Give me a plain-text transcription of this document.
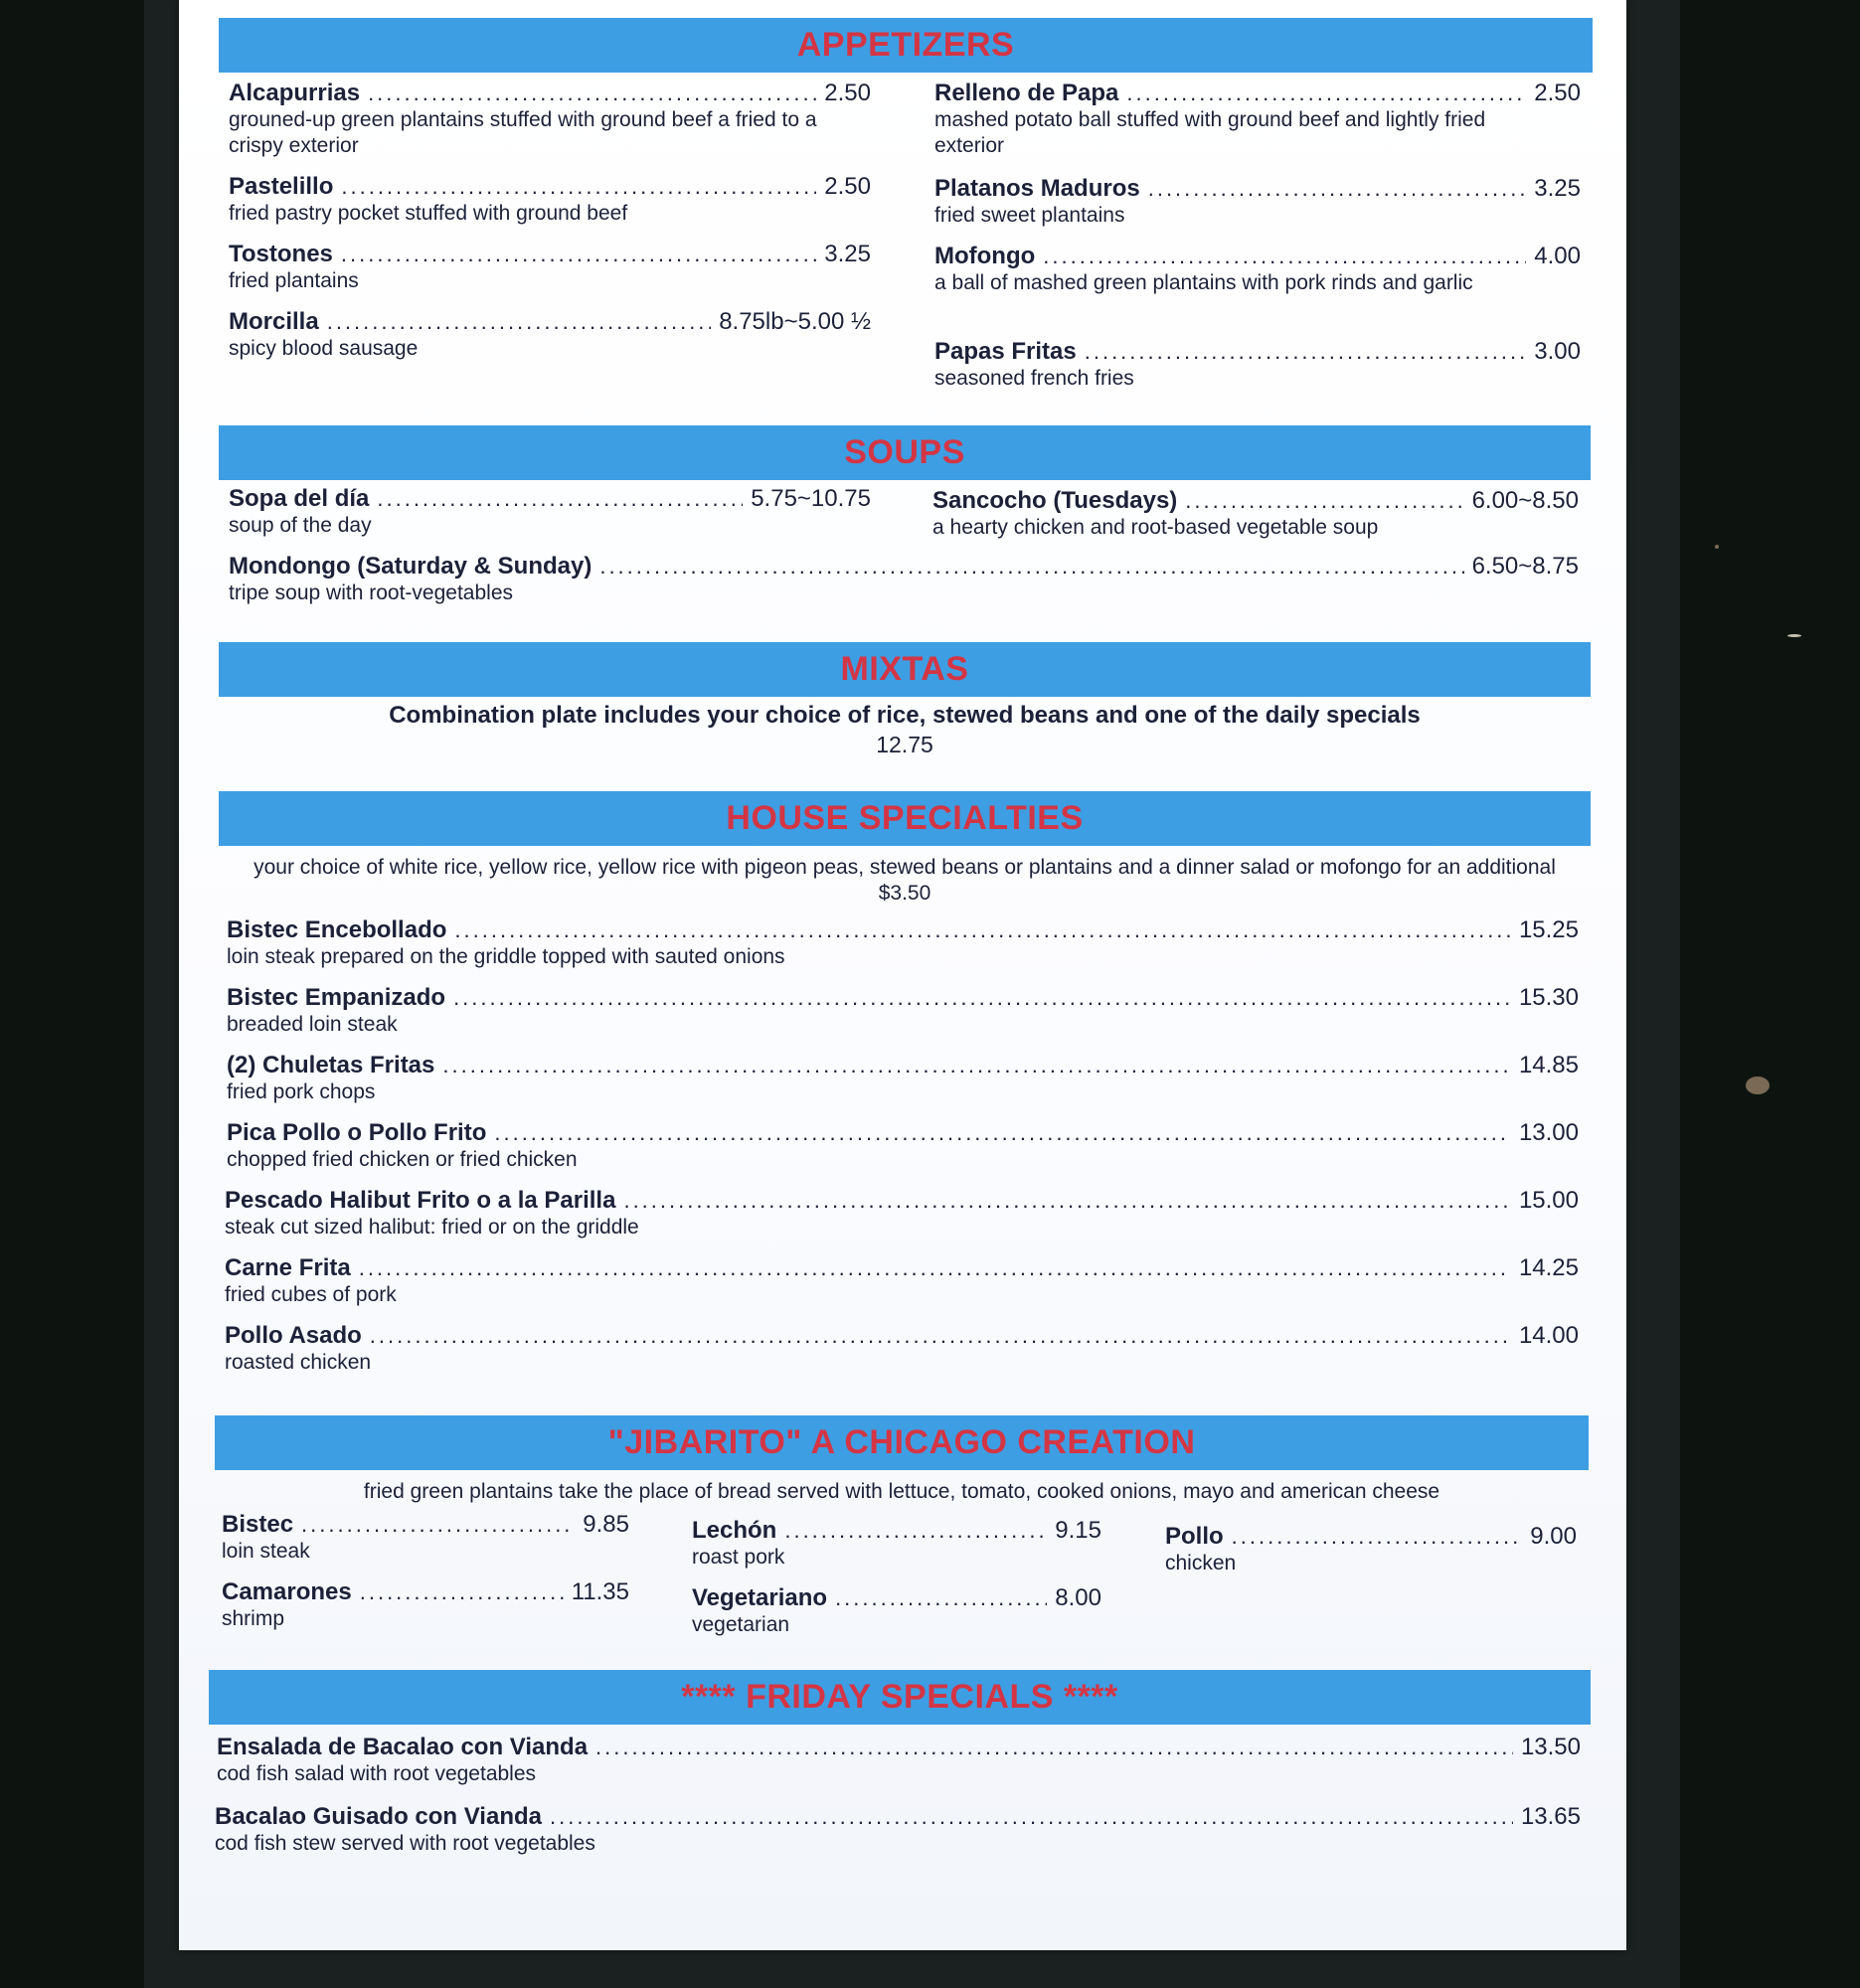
APPETIZERS
Alcapurrias .....	2.50
grouned-up green plantains stuffed with ground beef a fried to a crispy exterior
Pastelillo .....	2.50
fried pastry pocket stuffed with ground beef
Tostones .....	3.25
fried plantains
Morcilla .....	8.75lb~5.00 ½
spicy blood sausage
Relleno de Papa .....	2.50
mashed potato ball stuffed with ground beef and lightly fried exterior
Platanos Maduros .....	3.25
fried sweet plantains
Mofongo .....	4.00
a ball of mashed green plantains with pork rinds and garlic
Papas Fritas .....	3.00
seasoned french fries
SOUPS
Sopa del día .....	5.75~10.75
soup of the day
Sancocho (Tuesdays) .....	6.00~8.50
a hearty chicken and root-based vegetable soup
Mondongo (Saturday & Sunday) .....	6.50~8.75
tripe soup with root-vegetables
MIXTAS
Combination plate includes your choice of rice, stewed beans and one of the daily specials
12.75
HOUSE SPECIALTIES
your choice of white rice, yellow rice, yellow rice with pigeon peas, stewed beans or plantains and a dinner salad or mofongo for an additional $3.50
Bistec Encebollado .....	15.25
loin steak prepared on the griddle topped with sauted onions
Bistec Empanizado .....	15.30
breaded loin steak
(2) Chuletas Fritas .....	14.85
fried pork chops
Pica Pollo o Pollo Frito .....	13.00
chopped fried chicken or fried chicken
Pescado Halibut Frito o a la Parilla .....	15.00
steak cut sized halibut: fried or on the griddle
Carne Frita .....	14.25
fried cubes of pork
Pollo Asado .....	14.00
roasted chicken
"JIBARITO" A CHICAGO CREATION
fried green plantains take the place of bread served with lettuce, tomato, cooked onions, mayo and american cheese
Bistec .....	9.85
loin steak
Camarones .....	11.35
shrimp
Lechón .....	9.15
roast pork
Vegetariano .....	8.00
vegetarian
Pollo .....	9.00
chicken
**** FRIDAY SPECIALS ****
Ensalada de Bacalao con Vianda .....	13.50
cod fish salad with root vegetables
Bacalao Guisado con Vianda .....	13.65
cod fish stew served with root vegetables
